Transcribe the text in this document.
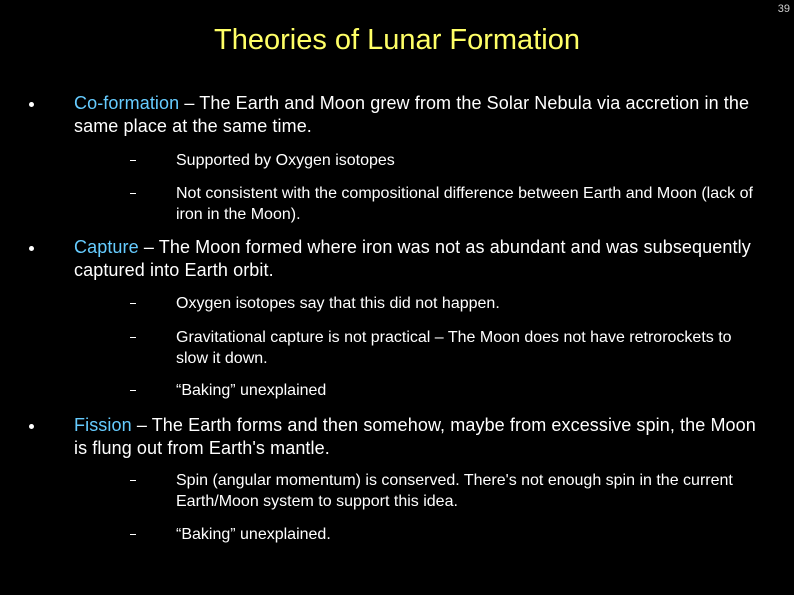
39
Theories of Lunar Formation
Co-formation – The Earth and Moon grew from the Solar Nebula via accretion in the same place at the same time.
Supported by Oxygen isotopes
Not consistent with the compositional difference between Earth and Moon (lack of iron in the Moon).
Capture – The Moon formed where iron was not as abundant and was subsequently captured into Earth orbit.
Oxygen isotopes say that this did not happen.
Gravitational capture is not practical – The Moon does not have retrorockets to slow it down.
“Baking” unexplained
Fission – The Earth forms and then somehow, maybe from excessive spin, the Moon is flung out from Earth's mantle.
Spin (angular momentum) is conserved. There's not enough spin in the current Earth/Moon system to support this idea.
“Baking” unexplained.
